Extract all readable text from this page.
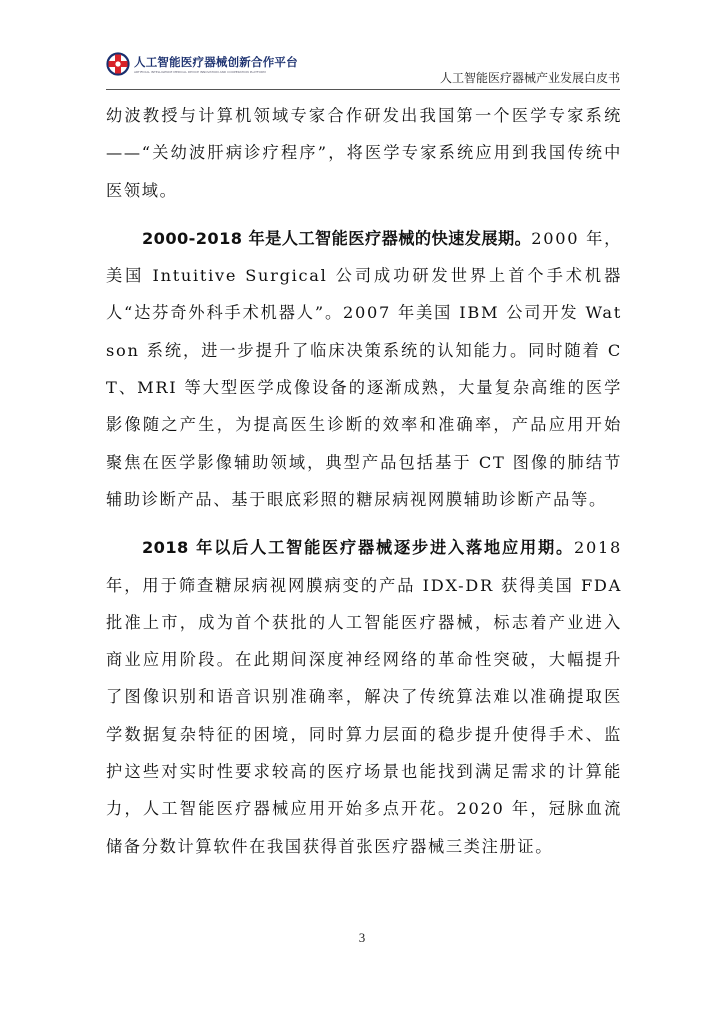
人工智能医疗器械创新合作平台
ARTIFICIAL INTELLIGENCE MEDICAL DEVICE INNOVATION AND COOPERATION PLATFORM	人工智能医疗器械产业发展白皮书

幼波教授与计算机领域专家合作研发出我国第一个医学专家系统——“关幼波肝病诊疗程序”，将医学专家系统应用到我国传统中医领域。

2000-2018 年是人工智能医疗器械的快速发展期。2000 年，美国 Intuitive Surgical 公司成功研发世界上首个手术机器人“达芬奇外科手术机器人”。2007 年美国 IBM 公司开发 Watson 系统，进一步提升了临床决策系统的认知能力。同时随着 CT、MRI 等大型医学成像设备的逐渐成熟，大量复杂高维的医学影像随之产生，为提高医生诊断的效率和准确率，产品应用开始聚焦在医学影像辅助领域，典型产品包括基于 CT 图像的肺结节辅助诊断产品、基于眼底彩照的糖尿病视网膜辅助诊断产品等。

2018 年以后人工智能医疗器械逐步进入落地应用期。2018 年，用于筛查糖尿病视网膜病变的产品 IDX-DR 获得美国 FDA 批准上市，成为首个获批的人工智能医疗器械，标志着产业进入商业应用阶段。在此期间深度神经网络的革命性突破，大幅提升了图像识别和语音识别准确率，解决了传统算法难以准确提取医学数据复杂特征的困境，同时算力层面的稳步提升使得手术、监护这些对实时性要求较高的医疗场景也能找到满足需求的计算能力，人工智能医疗器械应用开始多点开花。2020 年，冠脉血流储备分数计算软件在我国获得首张医疗器械三类注册证。

3
